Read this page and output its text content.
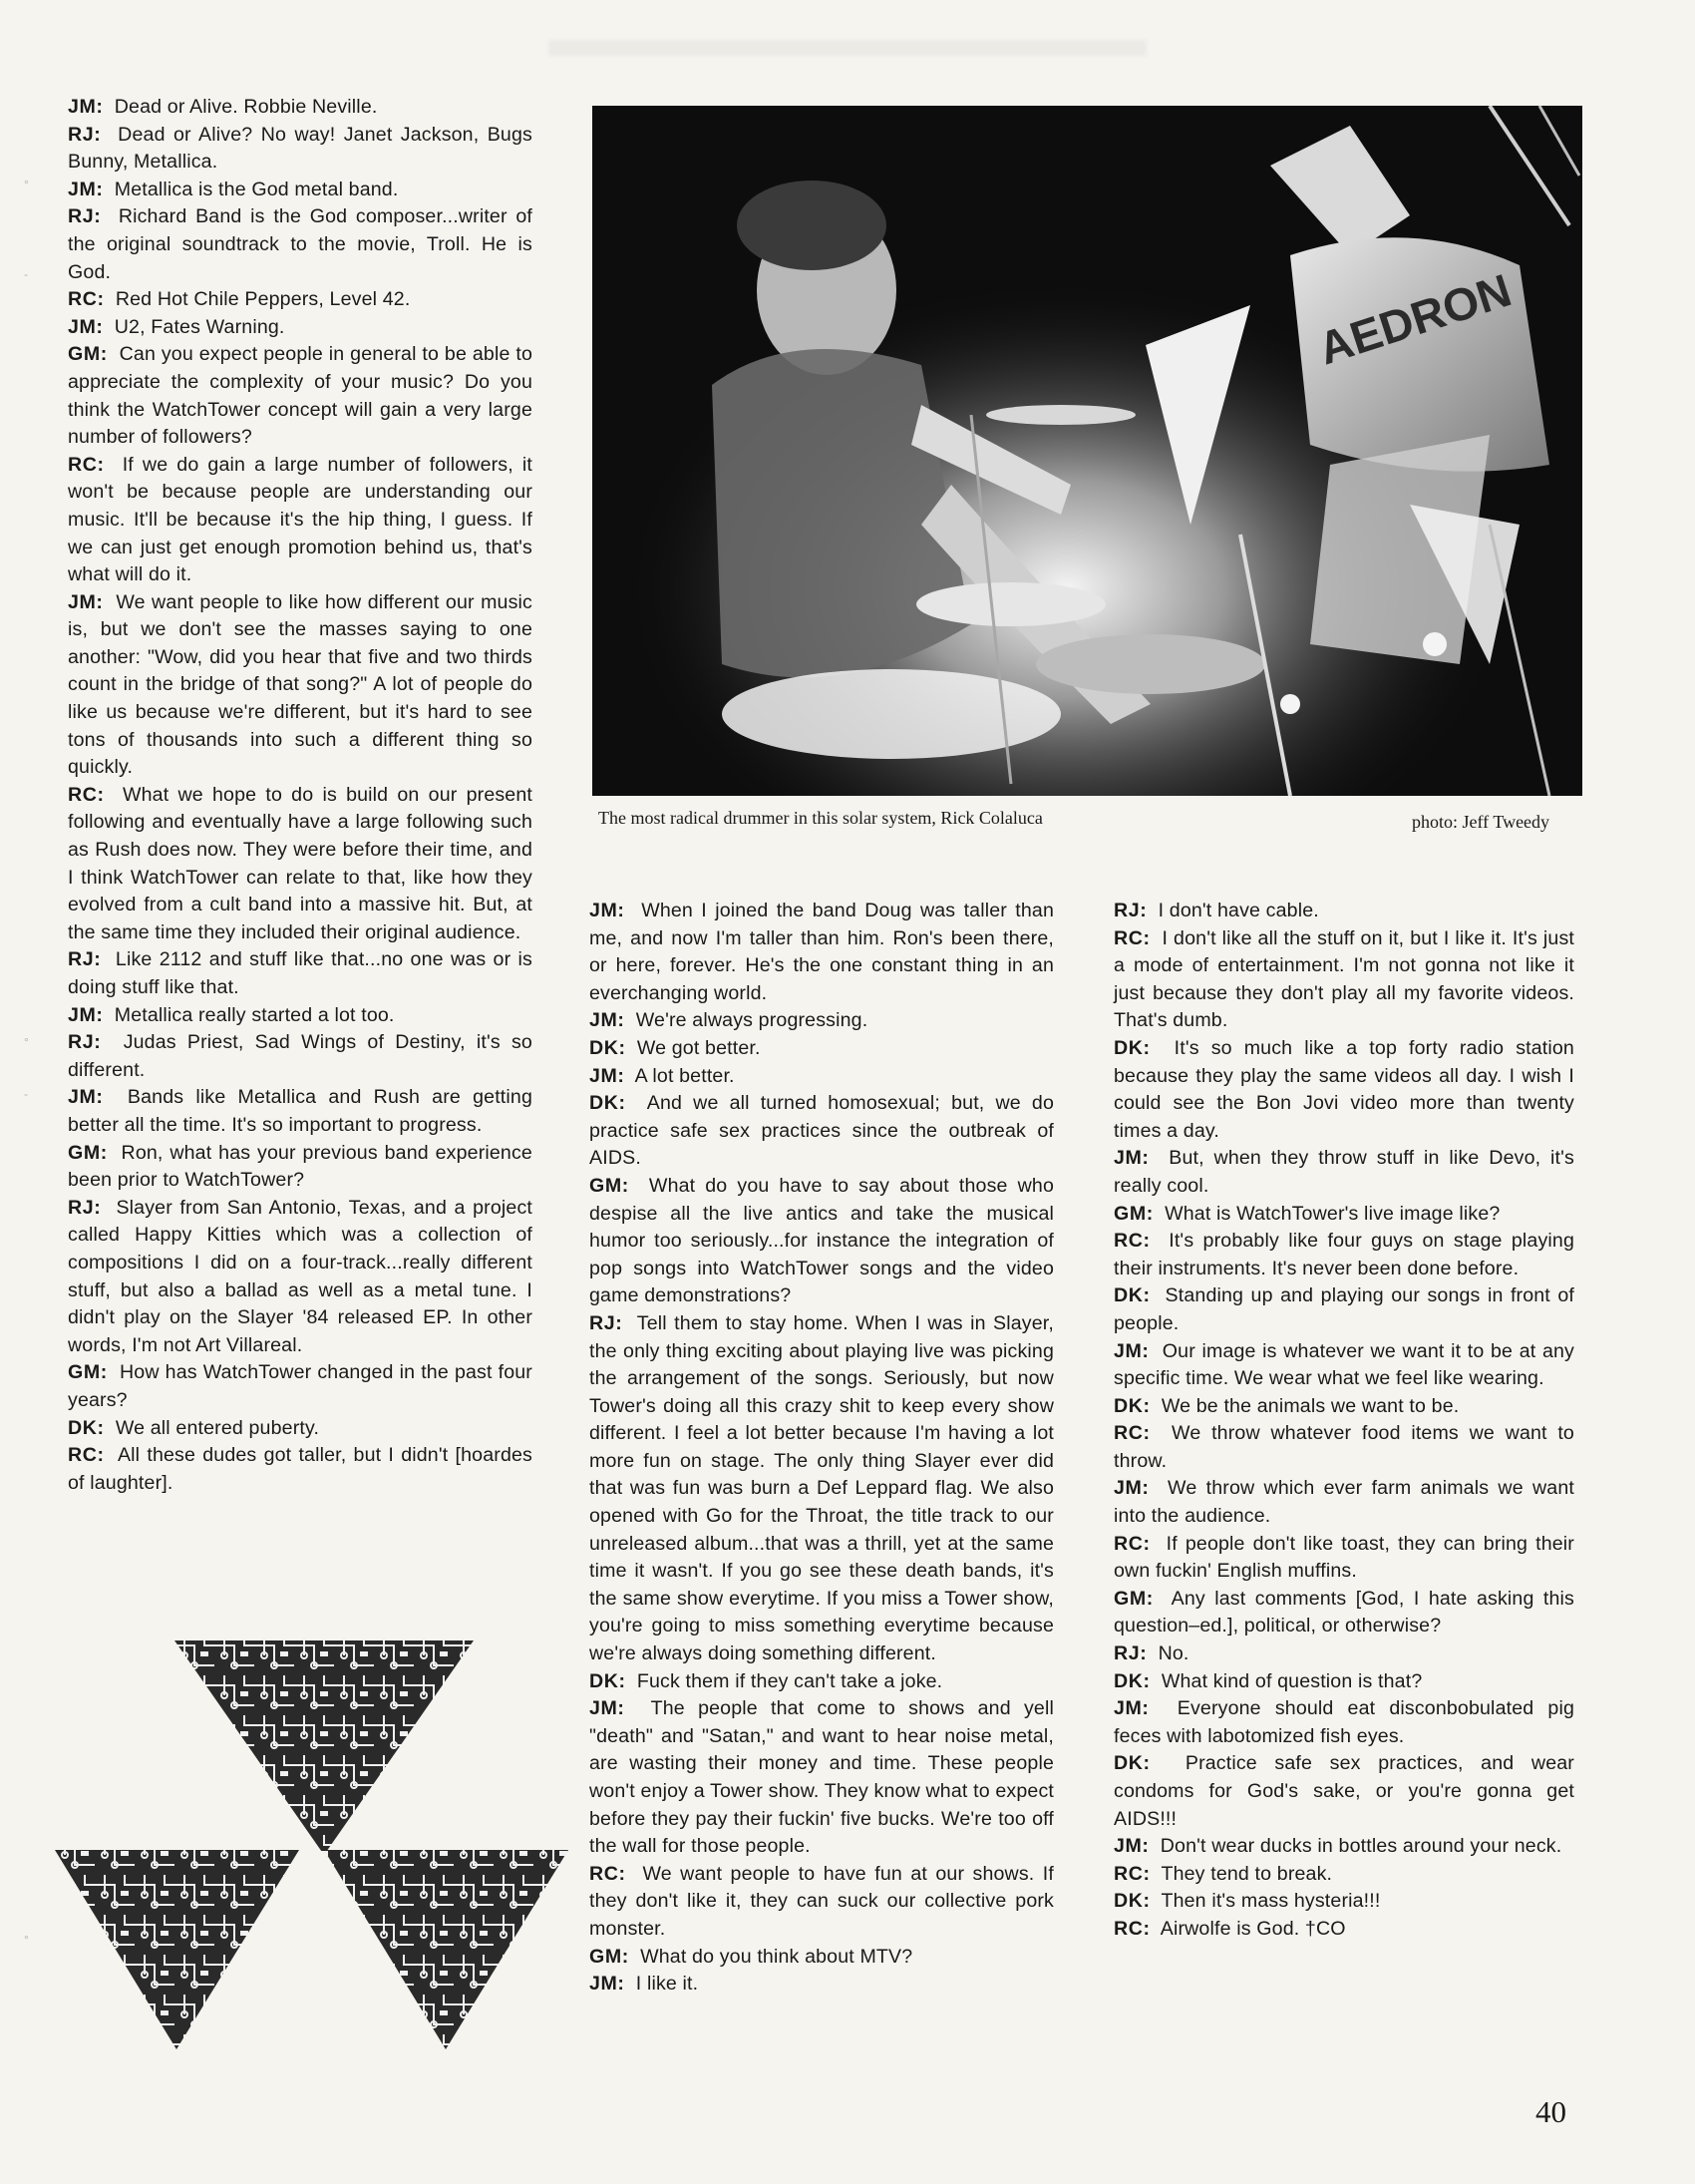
°
-
°
-
°

JM: Dead or Alive. Robbie Neville.

RJ: Dead or Alive? No way! Janet Jackson, Bugs Bunny, Metallica.

JM: Metallica is the God metal band.

RJ: Richard Band is the God composer...writer of the original soundtrack to the movie, Troll. He is God.

RC: Red Hot Chile Peppers, Level 42.

JM: U2, Fates Warning.

GM: Can you expect people in general to be able to appreciate the complexity of your music? Do you think the WatchTower concept will gain a very large number of followers?

RC: If we do gain a large number of followers, it won't be because people are understanding our music. It'll be because it's the hip thing, I guess. If we can just get enough promotion behind us, that's what will do it.

JM: We want people to like how different our music is, but we don't see the masses saying to one another: "Wow, did you hear that five and two thirds count in the bridge of that song?" A lot of people do like us because we're different, but it's hard to see tons of thousands into such a different thing so quickly.

RC: What we hope to do is build on our present following and eventually have a large following such as Rush does now. They were before their time, and I think WatchTower can relate to that, like how they evolved from a cult band into a massive hit. But, at the same time they included their original audience.

RJ: Like 2112 and stuff like that...no one was or is doing stuff like that.

JM: Metallica really started a lot too.

RJ: Judas Priest, Sad Wings of Destiny, it's so different.

JM: Bands like Metallica and Rush are getting better all the time. It's so important to progress.

GM: Ron, what has your previous band experience been prior to WatchTower?

RJ: Slayer from San Antonio, Texas, and a project called Happy Kitties which was a collection of compositions I did on a four-track...really different stuff, but also a ballad as well as a metal tune. I didn't play on the Slayer '84 released EP. In other words, I'm not Art Villareal.

GM: How has WatchTower changed in the past four years?

DK: We all entered puberty.

RC: All these dudes got taller, but I didn't [hoardes of laughter].

AEDRON
The most radical drummer in this solar system, Rick Colaluca	photo: Jeff Tweedy

JM: When I joined the band Doug was taller than me, and now I'm taller than him. Ron's been there, or here, forever. He's the one constant thing in an everchanging world.

JM: We're always progressing.

DK: We got better.

JM: A lot better.

DK: And we all turned homosexual; but, we do practice safe sex practices since the outbreak of AIDS.

GM: What do you have to say about those who despise all the live antics and take the musical humor too seriously...for instance the integration of pop songs into WatchTower songs and the video game demonstrations?

RJ: Tell them to stay home. When I was in Slayer, the only thing exciting about playing live was picking the arrangement of the songs. Seriously, but now Tower's doing all this crazy shit to keep every show different. I feel a lot better because I'm having a lot more fun on stage. The only thing Slayer ever did that was fun was burn a Def Leppard flag. We also opened with Go for the Throat, the title track to our unreleased album...that was a thrill, yet at the same time it wasn't. If you go see these death bands, it's the same show everytime. If you miss a Tower show, you're going to miss something everytime because we're always doing something different.

DK: Fuck them if they can't take a joke.

JM: The people that come to shows and yell "death" and "Satan," and want to hear noise metal, are wasting their money and time. These people won't enjoy a Tower show. They know what to expect before they pay their fuckin' five bucks. We're too off the wall for those people.

RC: We want people to have fun at our shows. If they don't like it, they can suck our collective pork monster.

GM: What do you think about MTV?

JM: I like it.

RJ: I don't have cable.

RC: I don't like all the stuff on it, but I like it. It's just a mode of entertainment. I'm not gonna not like it just because they don't play all my favorite videos. That's dumb.

DK: It's so much like a top forty radio station because they play the same videos all day. I wish I could see the Bon Jovi video more than twenty times a day.

JM: But, when they throw stuff in like Devo, it's really cool.

GM: What is WatchTower's live image like?

RC: It's probably like four guys on stage playing their instruments. It's never been done before.

DK: Standing up and playing our songs in front of people.

JM: Our image is whatever we want it to be at any specific time. We wear what we feel like wearing.

DK: We be the animals we want to be.

RC: We throw whatever food items we want to throw.

JM: We throw which ever farm animals we want into the audience.

RC: If people don't like toast, they can bring their own fuckin' English muffins.

GM: Any last comments [God, I hate asking this question–ed.], political, or otherwise?

RJ: No.

DK: What kind of question is that?

JM: Everyone should eat disconbobulated pig feces with labotomized fish eyes.

DK: Practice safe sex practices, and wear condoms for God's sake, or you're gonna get AIDS!!!

JM: Don't wear ducks in bottles around your neck.

RC: They tend to break.

DK: Then it's mass hysteria!!!

RC: Airwolfe is God. †CO

40
